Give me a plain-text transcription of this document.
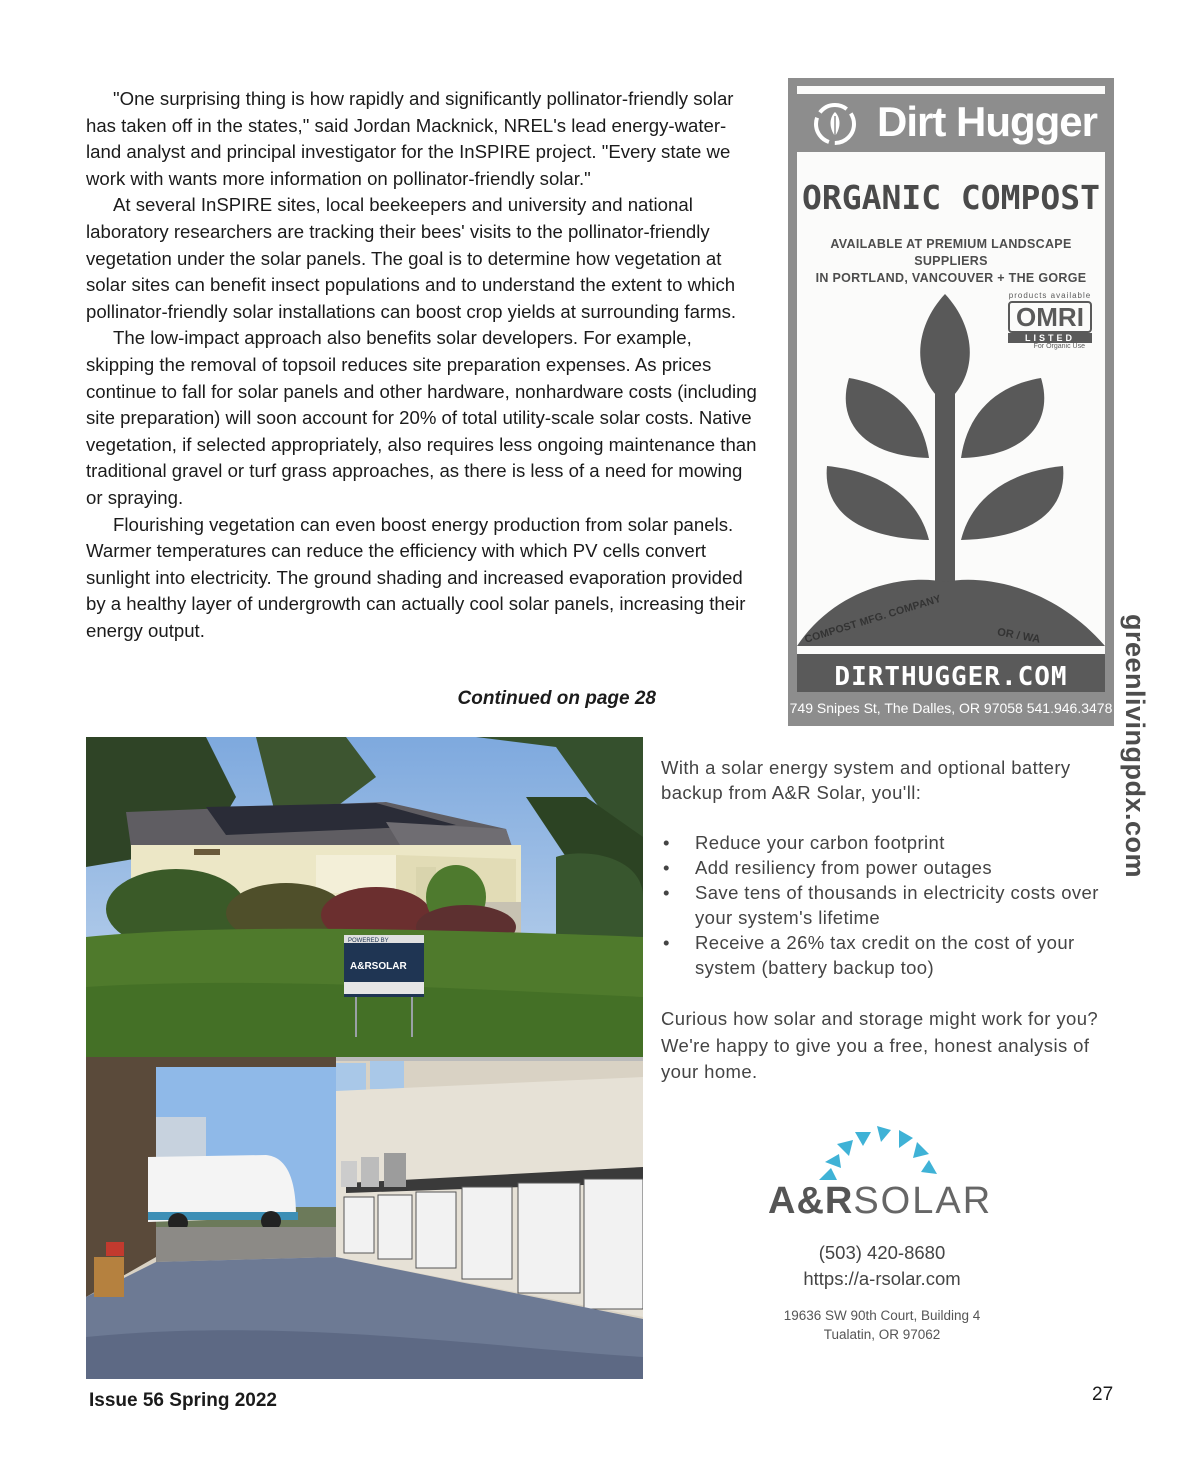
"One surprising thing is how rapidly and significantly pollinator-friendly solar has taken off in the states," said Jordan Macknick, NREL's lead energy-water-land analyst and principal investigator for the InSPIRE project. "Every state we work with wants more information on pollinator-friendly solar."

At several InSPIRE sites, local beekeepers and university and national laboratory researchers are tracking their bees' visits to the pollinator-friendly vegetation under the solar panels. The goal is to determine how vegetation at solar sites can benefit insect populations and to understand the extent to which pollinator-friendly solar installations can boost crop yields at surrounding farms.

The low-impact approach also benefits solar developers. For example, skipping the removal of topsoil reduces site preparation expenses. As prices continue to fall for solar panels and other hardware, nonhardware costs (including site preparation) will soon account for 20% of total utility-scale solar costs. Native vegetation, if selected appropriately, also requires less ongoing maintenance than traditional gravel or turf grass approaches, as there is less of a need for mowing or spraying.

Flourishing vegetation can even boost energy production from solar panels. Warmer temperatures can reduce the efficiency with which PV cells convert sunlight into electricity. The ground shading and increased evaporation provided by a healthy layer of undergrowth can actually cool solar panels, increasing their energy output.

Continued on page 28
Dirt Hugger
ORGANIC COMPOST
AVAILABLE AT PREMIUM LANDSCAPE SUPPLIERS
IN PORTLAND, VANCOUVER + THE GORGE
products available
OMRI
LISTED
For Organic Use
COMPOST MFG. COMPANY	OR / WA
DIRTHUGGER.COM
749 Snipes St, The Dalles, OR 97058 541.946.3478 greenlivingpdx.com
POWERED BY
A&RSOLAR
With a solar energy system and optional battery backup from A&R Solar, you'll:
• Reduce your carbon footprint
• Add resiliency from power outages
• Save tens of thousands in electricity costs over your system's lifetime
• Receive a 26% tax credit on the cost of your system (battery backup too)
Curious how solar and storage might work for you? We're happy to give you a free, honest analysis of your home.
A&RSOLAR
(503) 420-8680
https://a-rsolar.com
19636 SW 90th Court, Building 4
Tualatin, OR 97062
Issue 56 Spring 2022	27
